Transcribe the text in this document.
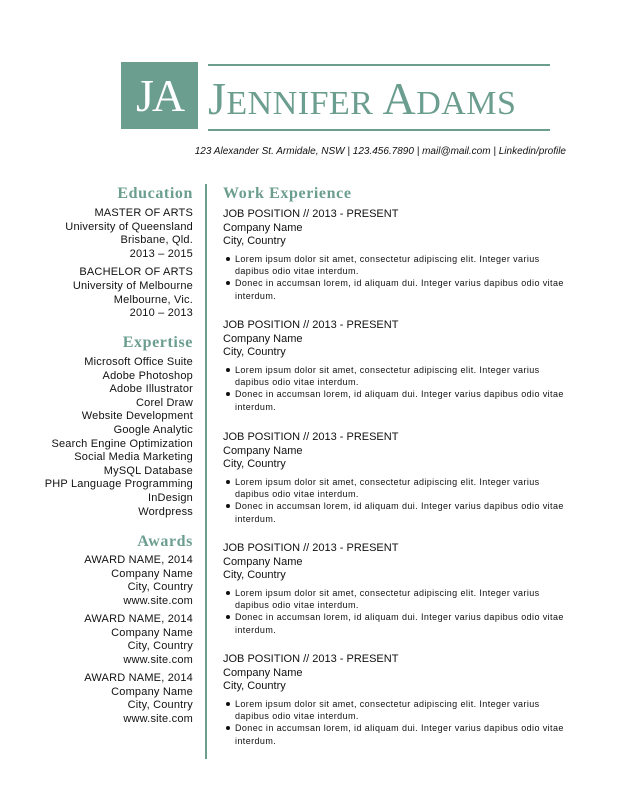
JA JENNIFER ADAMS
123 Alexander St. Armidale, NSW | 123.456.7890 | mail@mail.com | Linkedin/profile
Education
MASTER OF ARTS
University of Queensland
Brisbane, Qld.
2013 – 2015
BACHELOR OF ARTS
University of Melbourne
Melbourne, Vic.
2010 – 2013
Expertise
Microsoft Office Suite
Adobe Photoshop
Adobe Illustrator
Corel Draw
Website Development
Google Analytic
Search Engine Optimization
Social Media Marketing
MySQL Database
PHP Language Programming
InDesign
Wordpress
Awards
AWARD NAME, 2014
Company Name
City, Country
www.site.com
AWARD NAME, 2014
Company Name
City, Country
www.site.com
AWARD NAME, 2014
Company Name
City, Country
www.site.com
Work Experience
JOB POSITION // 2013 - PRESENT
Company Name
City, Country
Lorem ipsum dolor sit amet, consectetur adipiscing elit. Integer varius dapibus odio vitae interdum.
Donec in accumsan lorem, id aliquam dui. Integer varius dapibus odio vitae interdum.
JOB POSITION // 2013 - PRESENT
Company Name
City, Country
Lorem ipsum dolor sit amet, consectetur adipiscing elit. Integer varius dapibus odio vitae interdum.
Donec in accumsan lorem, id aliquam dui. Integer varius dapibus odio vitae interdum.
JOB POSITION // 2013 - PRESENT
Company Name
City, Country
Lorem ipsum dolor sit amet, consectetur adipiscing elit. Integer varius dapibus odio vitae interdum.
Donec in accumsan lorem, id aliquam dui. Integer varius dapibus odio vitae interdum.
JOB POSITION // 2013 - PRESENT
Company Name
City, Country
Lorem ipsum dolor sit amet, consectetur adipiscing elit. Integer varius dapibus odio vitae interdum.
Donec in accumsan lorem, id aliquam dui. Integer varius dapibus odio vitae interdum.
JOB POSITION // 2013 - PRESENT
Company Name
City, Country
Lorem ipsum dolor sit amet, consectetur adipiscing elit. Integer varius dapibus odio vitae interdum.
Donec in accumsan lorem, id aliquam dui. Integer varius dapibus odio vitae interdum.
